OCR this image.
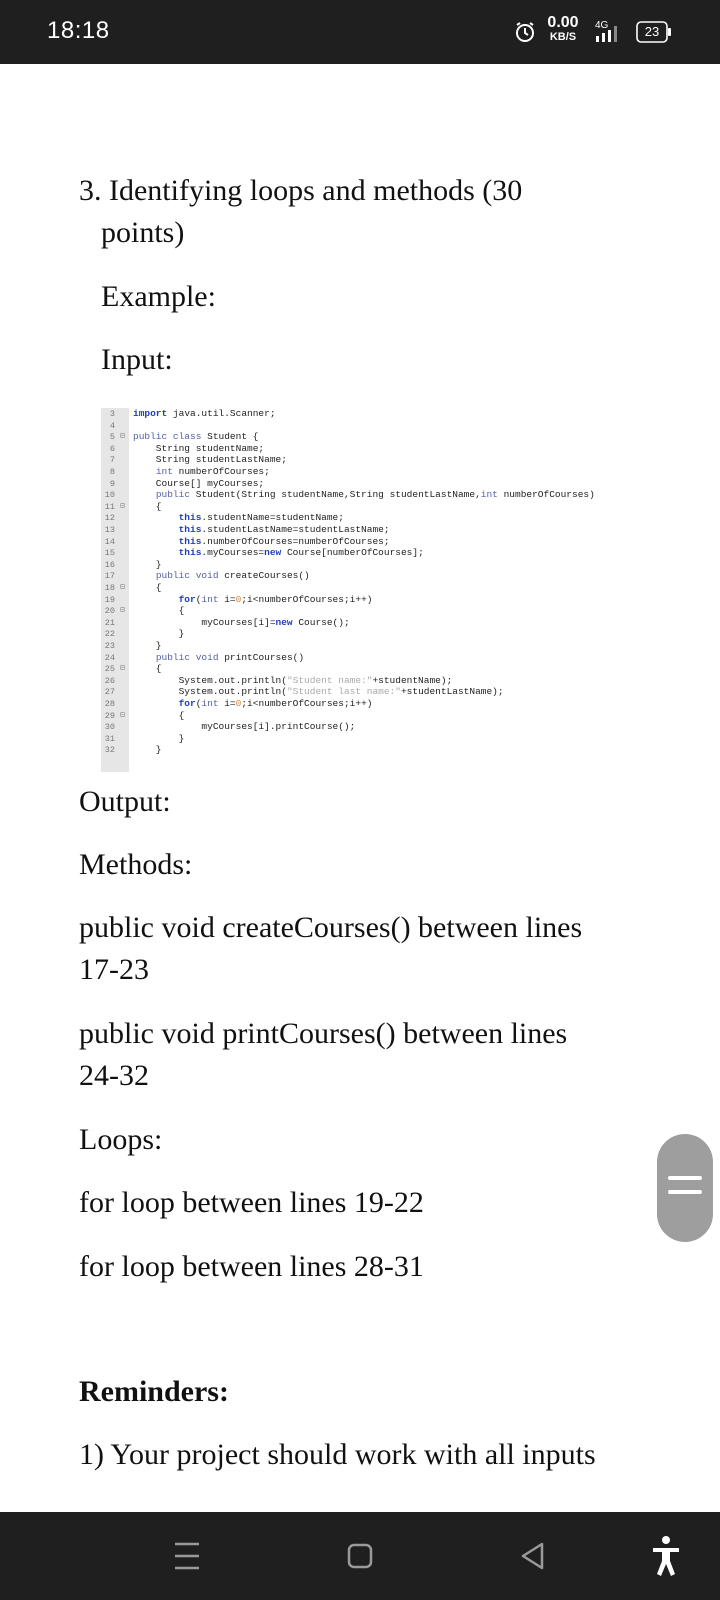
18:18	0.00
KB/S
4G	23
3. Identifying loops and methods (30
points)
Example:
Input:
3 import java.util.Scanner;
4
5 ⊟ public class Student {
6 String studentName;
7 String studentLastName;
8	int numberOfCourses;
9 Course[] myCourses;
10	public Student(String studentName,String studentLastName,int numberOfCourses)
11 ⊟ {
12	this.studentName=studentName;
13	this.studentLastName=studentLastName;
14	this.numberOfCourses=numberOfCourses;
15	this.myCourses=new Course[numberOfCourses];
16 }
17	public void createCourses()
18 ⊟ {
19	for(int i=0;i<numberOfCourses;i++)
20 ⊟ {
21 myCourses[i]=new Course();
22 }
23 }
24	public void printCourses()
25 ⊟ {
26 System.out.println("Student name:"+studentName);
27 System.out.println("Student last name:"+studentLastName);
28	for(int i=0;i<numberOfCourses;i++)
29 ⊟ {
30 myCourses[i].printCourse();
31 }
32 }
Output:
Methods:
public void createCourses() between lines
17-23
public void printCourses() between lines
24-32
Loops:
for loop between lines 19-22
for loop between lines 28-31
Reminders:
1) Your project should work with all inputs
